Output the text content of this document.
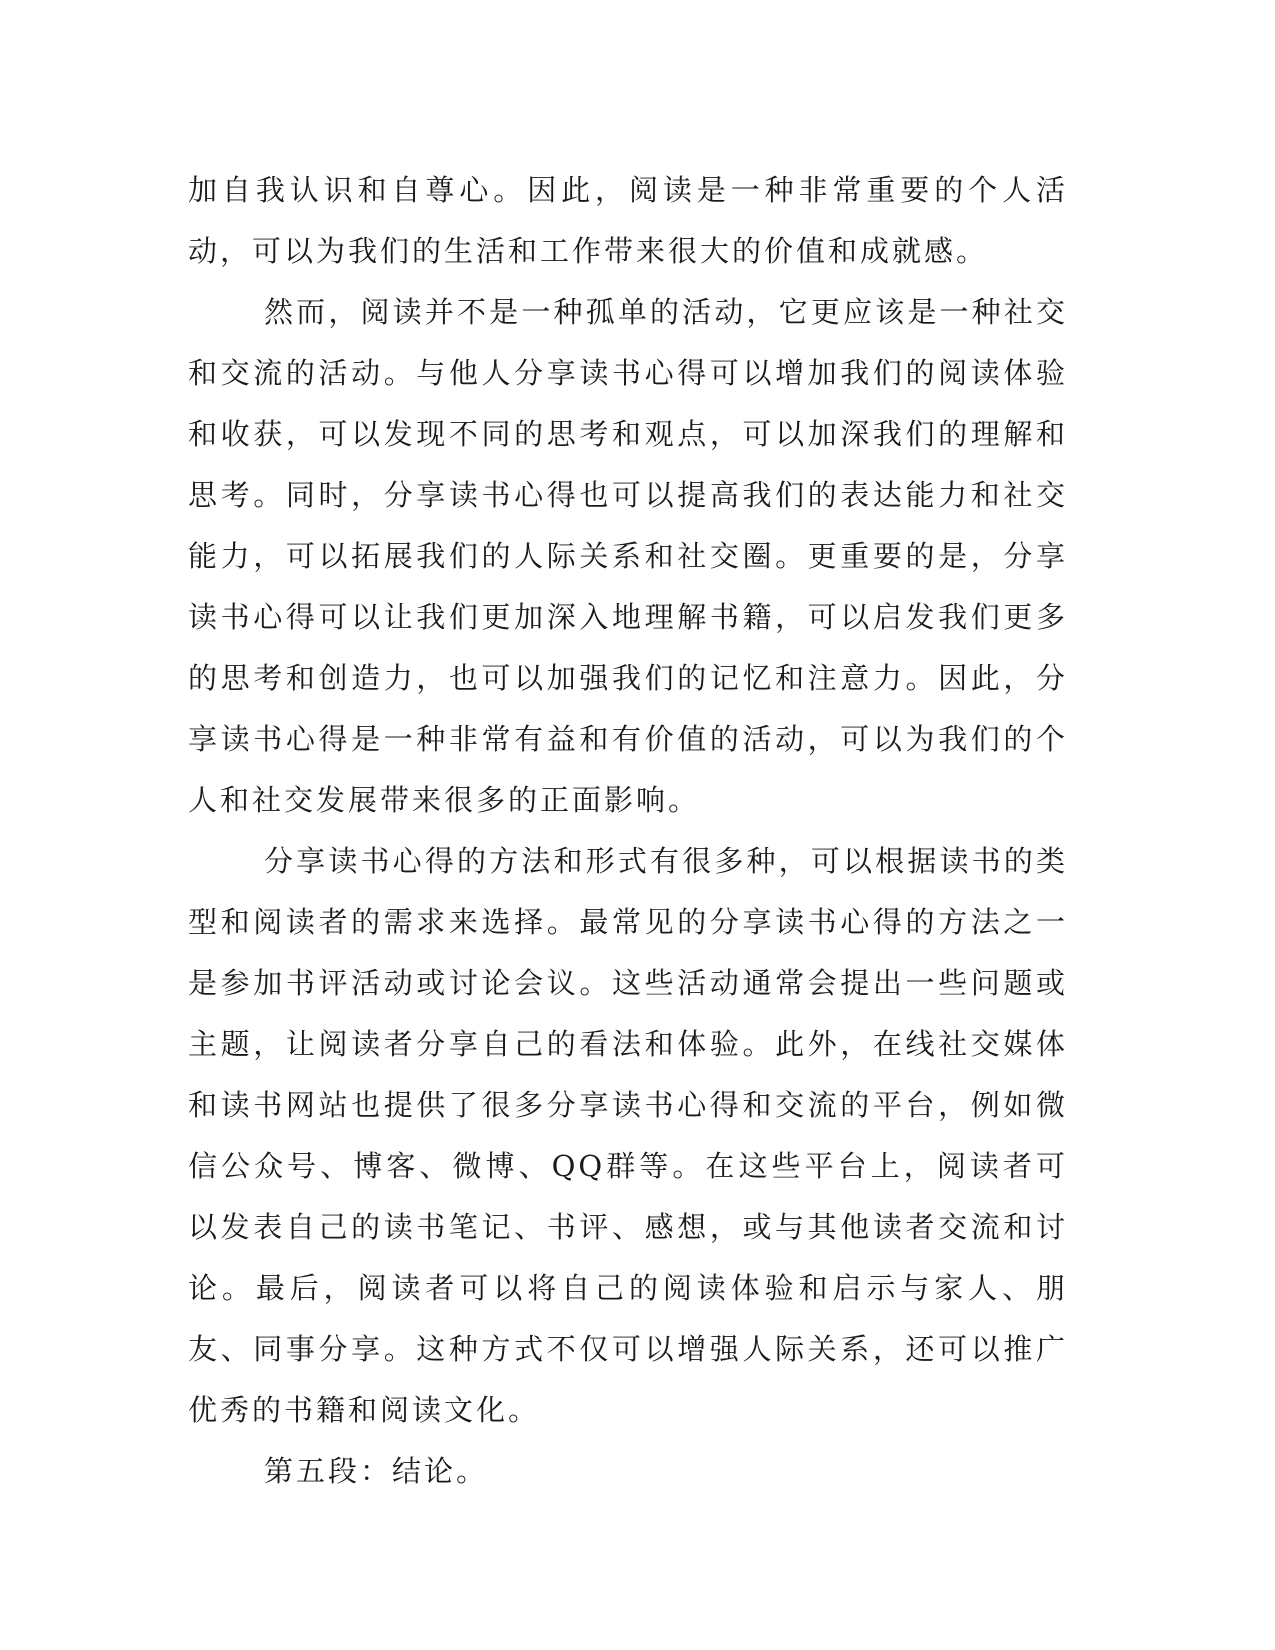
加自我认识和自尊心。因此，阅读是一种非常重要的个人活动，可以为我们的生活和工作带来很大的价值和成就感。

然而，阅读并不是一种孤单的活动，它更应该是一种社交和交流的活动。与他人分享读书心得可以增加我们的阅读体验和收获，可以发现不同的思考和观点，可以加深我们的理解和思考。同时，分享读书心得也可以提高我们的表达能力和社交能力，可以拓展我们的人际关系和社交圈。更重要的是，分享读书心得可以让我们更加深入地理解书籍，可以启发我们更多的思考和创造力，也可以加强我们的记忆和注意力。因此，分享读书心得是一种非常有益和有价值的活动，可以为我们的个人和社交发展带来很多的正面影响。

分享读书心得的方法和形式有很多种，可以根据读书的类型和阅读者的需求来选择。最常见的分享读书心得的方法之一是参加书评活动或讨论会议。这些活动通常会提出一些问题或主题，让阅读者分享自己的看法和体验。此外，在线社交媒体和读书网站也提供了很多分享读书心得和交流的平台，例如微信公众号、博客、微博、QQ群等。在这些平台上，阅读者可以发表自己的读书笔记、书评、感想，或与其他读者交流和讨论。最后，阅读者可以将自己的阅读体验和启示与家人、朋友、同事分享。这种方式不仅可以增强人际关系，还可以推广优秀的书籍和阅读文化。

第五段：结论。
